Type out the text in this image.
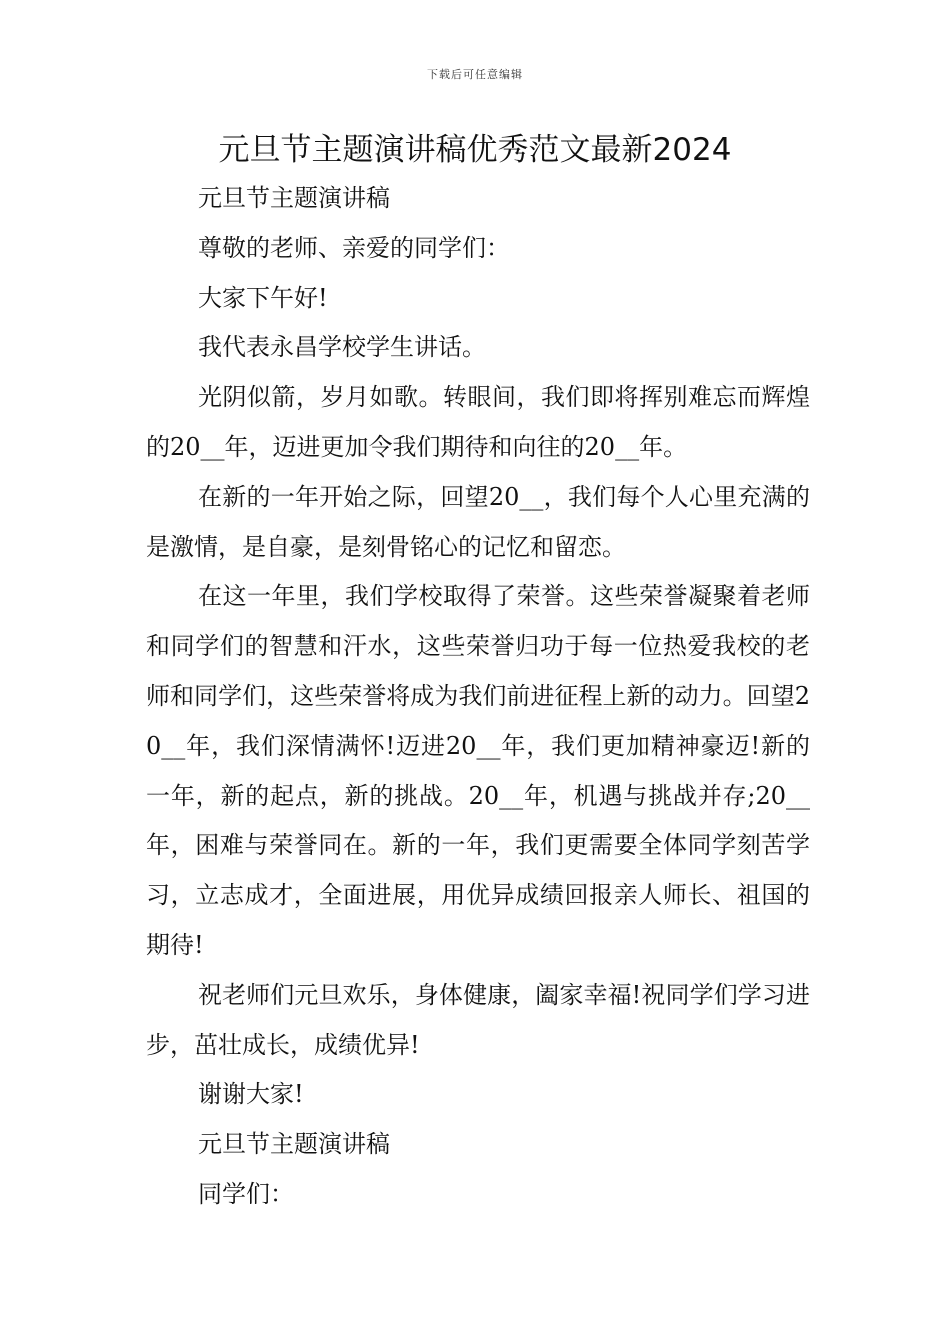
下载后可任意编辑
元旦节主题演讲稿优秀范文最新2024

元旦节主题演讲稿

尊敬的老师、亲爱的同学们：

大家下午好!

我代表永昌学校学生讲话。

光阴似箭，岁月如歌。转眼间，我们即将挥别难忘而辉煌的20__年，迈进更加令我们期待和向往的20__年。

在新的一年开始之际，回望20__，我们每个人心里充满的是激情，是自豪，是刻骨铭心的记忆和留恋。

在这一年里，我们学校取得了荣誉。这些荣誉凝聚着老师和同学们的智慧和汗水，这些荣誉归功于每一位热爱我校的老师和同学们，这些荣誉将成为我们前进征程上新的动力。回望20__年，我们深情满怀!迈进20__年，我们更加精神豪迈!新的一年，新的起点，新的挑战。20__年，机遇与挑战并存;20__年，困难与荣誉同在。新的一年，我们更需要全体同学刻苦学习，立志成才，全面进展，用优异成绩回报亲人师长、祖国的期待!

祝老师们元旦欢乐，身体健康，阖家幸福!祝同学们学习进步，茁壮成长，成绩优异!

谢谢大家!

元旦节主题演讲稿

同学们：
